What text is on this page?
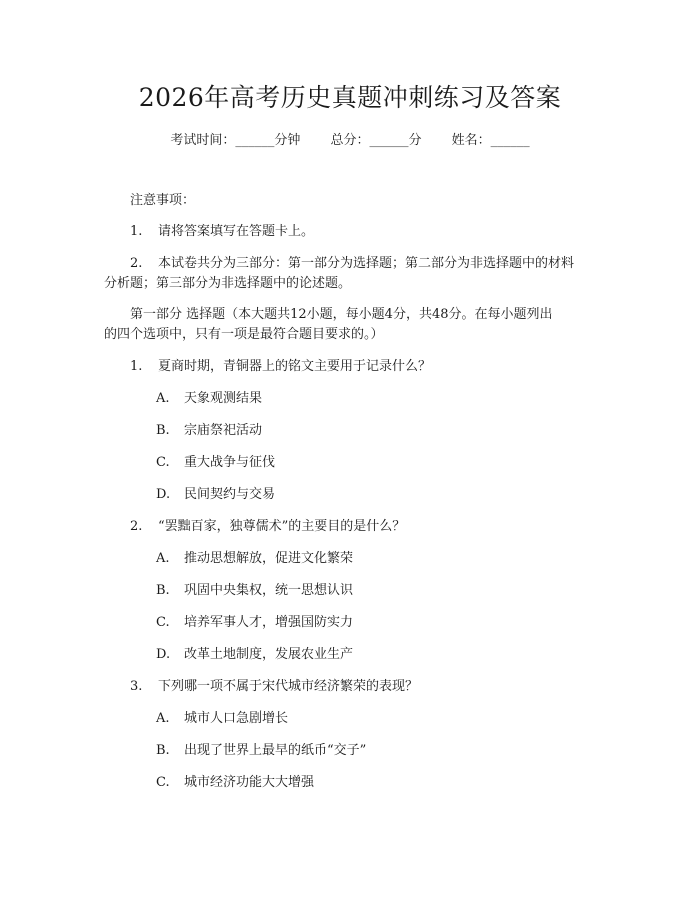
2026年高考历史真题冲刺练习及答案
考试时间：______分钟 总分：______分 姓名：______
注意事项：
1. 请将答案填写在答题卡上。
2. 本试卷共分为三部分：第一部分为选择题；第二部分为非选择题中的材料
分析题；第三部分为非选择题中的论述题。
第一部分 选择题（本大题共12小题，每小题4分，共48分。在每小题列出
的四个选项中，只有一项是最符合题目要求的。）
1. 夏商时期，青铜器上的铭文主要用于记录什么？
A. 天象观测结果
B. 宗庙祭祀活动
C. 重大战争与征伐
D. 民间契约与交易
2. “罢黜百家，独尊儒术”的主要目的是什么？
A. 推动思想解放，促进文化繁荣
B. 巩固中央集权，统一思想认识
C. 培养军事人才，增强国防实力
D. 改革土地制度，发展农业生产
3. 下列哪一项不属于宋代城市经济繁荣的表现？
A. 城市人口急剧增长
B. 出现了世界上最早的纸币“交子”
C. 城市经济功能大大增强
